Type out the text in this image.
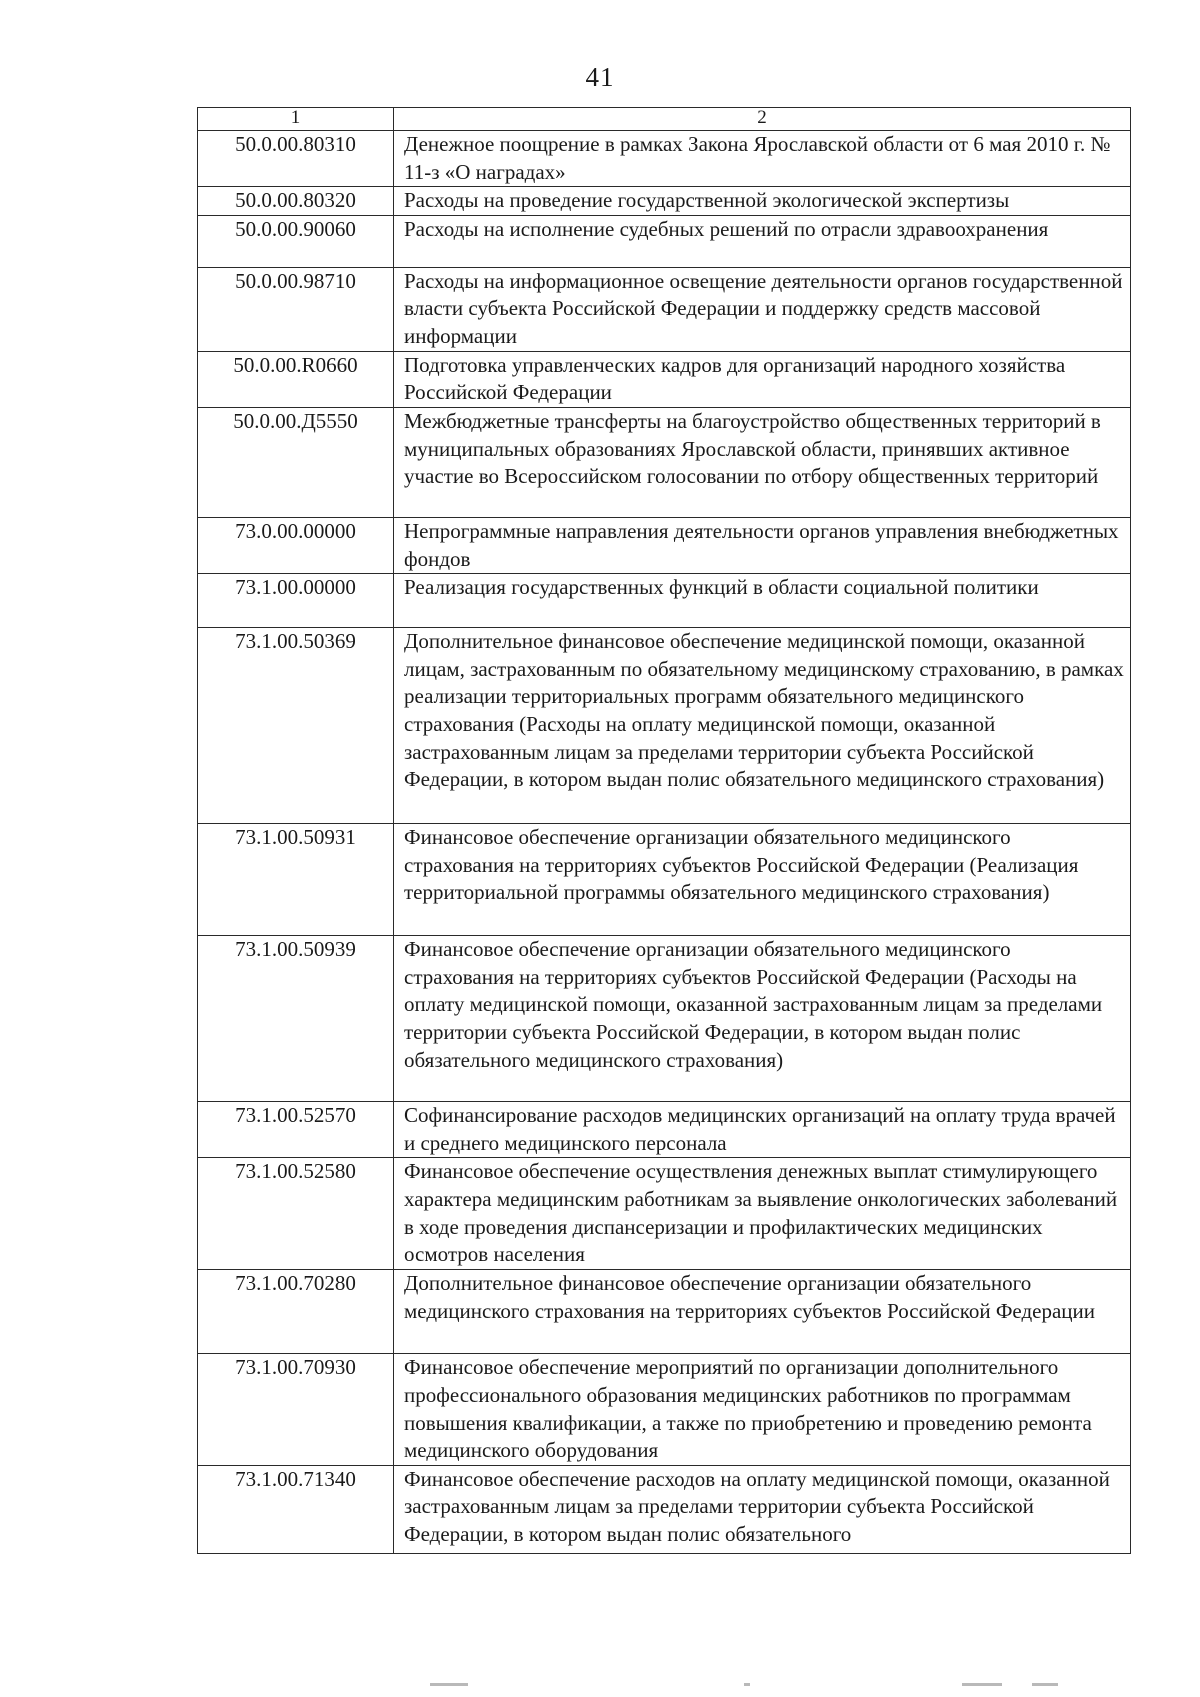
41
1	2
50.0.00.80310	Денежное поощрение в рамках Закона Ярославской области от 6 мая 2010 г. № 11-з «О наградах»
50.0.00.80320	Расходы на проведение государственной экологической экспертизы
50.0.00.90060	Расходы на исполнение судебных решений по отрасли здравоохранения
50.0.00.98710	Расходы на информационное освещение деятельности органов государственной власти субъекта Российской Федерации и поддержку средств массовой информации
50.0.00.R0660	Подготовка управленческих кадров для организаций народного хозяйства Российской Федерации
50.0.00.Д5550	Межбюджетные трансферты на благоустройство общественных территорий в муниципальных образованиях Ярославской области, принявших активное участие во Всероссийском голосовании по отбору общественных территорий
73.0.00.00000	Непрограммные направления деятельности органов управления внебюджетных фондов
73.1.00.00000	Реализация государственных функций в области социальной политики
73.1.00.50369	Дополнительное финансовое обеспечение медицинской помощи, оказанной лицам, застрахованным по обязательному медицинскому страхованию, в рамках реализации территориальных программ обязательного медицинского страхования (Расходы на оплату медицинской помощи, оказанной застрахованным лицам за пределами территории субъекта Российской Федерации, в котором выдан полис обязательного медицинского страхования)
73.1.00.50931	Финансовое обеспечение организации обязательного медицинского страхования на территориях субъектов Российской Федерации (Реализация территориальной программы обязательного медицинского страхования)
73.1.00.50939	Финансовое обеспечение организации обязательного медицинского страхования на территориях субъектов Российской Федерации (Расходы на оплату медицинской помощи, оказанной застрахованным лицам за пределами территории субъекта Российской Федерации, в котором выдан полис обязательного медицинского страхования)
73.1.00.52570	Софинансирование расходов медицинских организаций на оплату труда врачей и среднего медицинского персонала
73.1.00.52580	Финансовое обеспечение осуществления денежных выплат стимулирующего характера медицинским работникам за выявление онкологических заболеваний в ходе проведения диспансеризации и профилактических медицинских осмотров населения
73.1.00.70280	Дополнительное финансовое обеспечение организации обязательного медицинского страхования на территориях субъектов Российской Федерации
73.1.00.70930	Финансовое обеспечение мероприятий по организации дополнительного профессионального образования медицинских работников по программам повышения квалификации, а также по приобретению и проведению ремонта медицинского оборудования
73.1.00.71340	Финансовое обеспечение расходов на оплату медицинской помощи, оказанной застрахованным лицам за пределами территории субъекта Российской Федерации, в котором выдан полис обязательного
